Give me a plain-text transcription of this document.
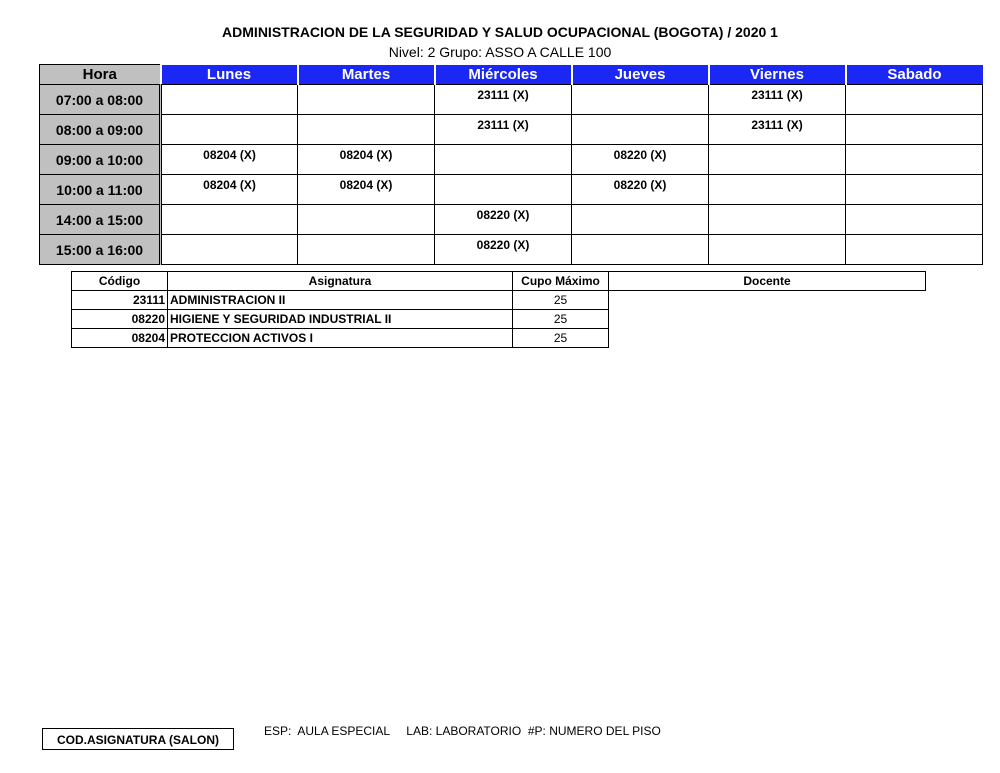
ADMINISTRACION DE LA SEGURIDAD Y SALUD OCUPACIONAL (BOGOTA) / 2020 1
Nivel: 2 Grupo: ASSO A CALLE 100
Hora	Lunes	Martes	Miércoles	Jueves	Viernes	Sabado
07:00 a 08:00			23111 (X)		23111 (X)	
08:00 a 09:00			23111 (X)		23111 (X)	
09:00 a 10:00	08204 (X)	08204 (X)		08220 (X)		
10:00 a 11:00	08204 (X)	08204 (X)		08220 (X)		
14:00 a 15:00			08220 (X)			
15:00 a 16:00			08220 (X)			
Código	Asignatura	Cupo Máximo	Docente
23111	ADMINISTRACION II	25	
08220	HIGIENE Y SEGURIDAD INDUSTRIAL II	25	
08204	PROTECCION ACTIVOS I	25	
COD.ASIGNATURA (SALON)
ESP:  AULA ESPECIAL     LAB: LABORATORIO  #P: NUMERO DEL PISO
